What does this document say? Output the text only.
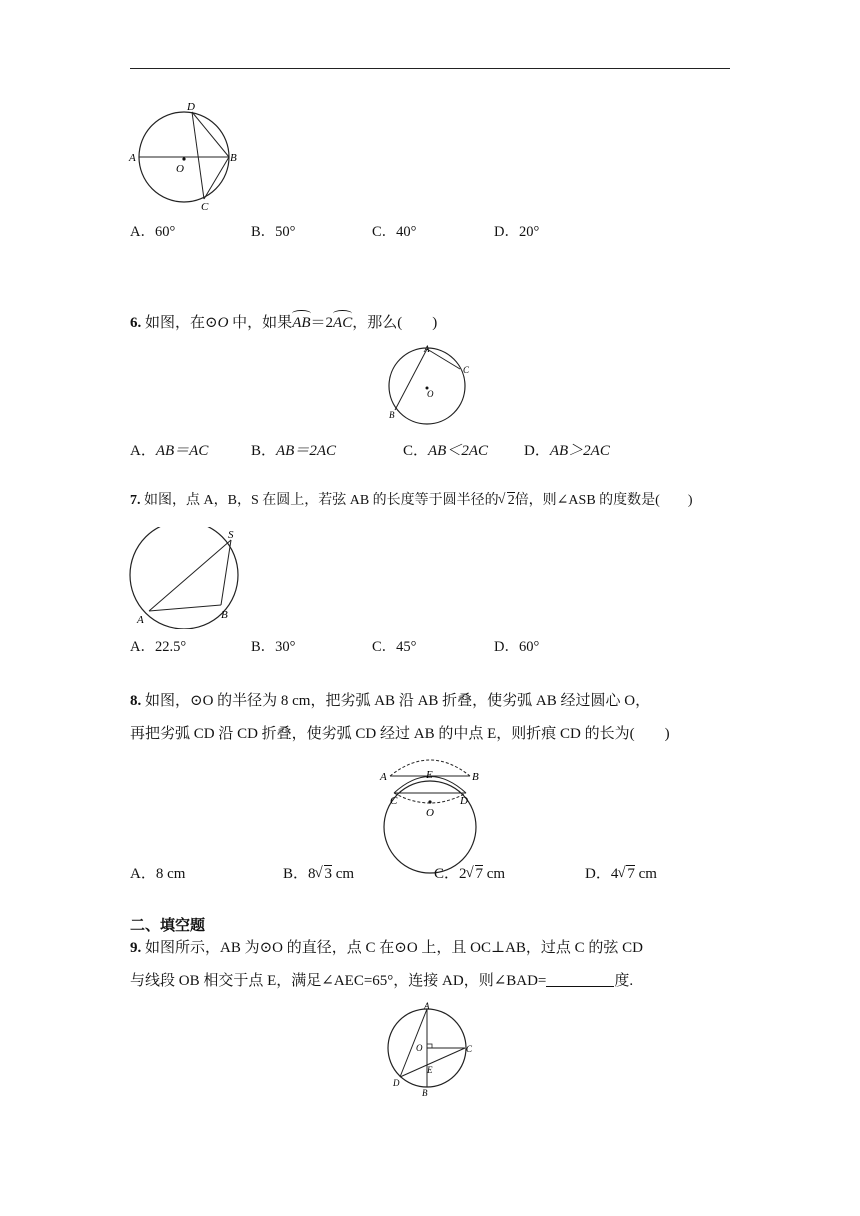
D
A	B
O
C
A．60°	B．50°	C．40°	D．20°
6. 如图，在⊙O 中，如果AB＝2AC，那么(　　)
A
C
O
B
A．AB＝AC	B．AB＝2AC	C．AB＜2AC D．AB＞2AC
7. 如图，点 A，B，S 在圆上，若弦 AB 的长度等于圆半径的 √ 2倍，则∠ASB 的度数是(　　)
S
A	B
A．22.5°	B．30°	C．45°	D．60°
8. 如图，⊙O 的半径为 8 cm，把劣弧 AB 沿 AB 折叠，使劣弧 AB 经过圆心 O，
再把劣弧 CD 沿 CD 折叠，使劣弧 CD 经过 AB 的中点 E，则折痕 CD 的长为(　　)
A	E	B
C	D
O
A．8 cm	B．8 √ 3 cm	C．2 √ 7 cm	D．4 √ 7 cm
二、填空题
9. 如图所示，AB 为⊙O 的直径，点 C 在⊙O 上，且 OC⊥AB，过点 C 的弦 CD
与线段 OB 相交于点 E，满足∠AEC=65°，连接 AD，则∠BAD=	度.
A
O	C
E
D
B
